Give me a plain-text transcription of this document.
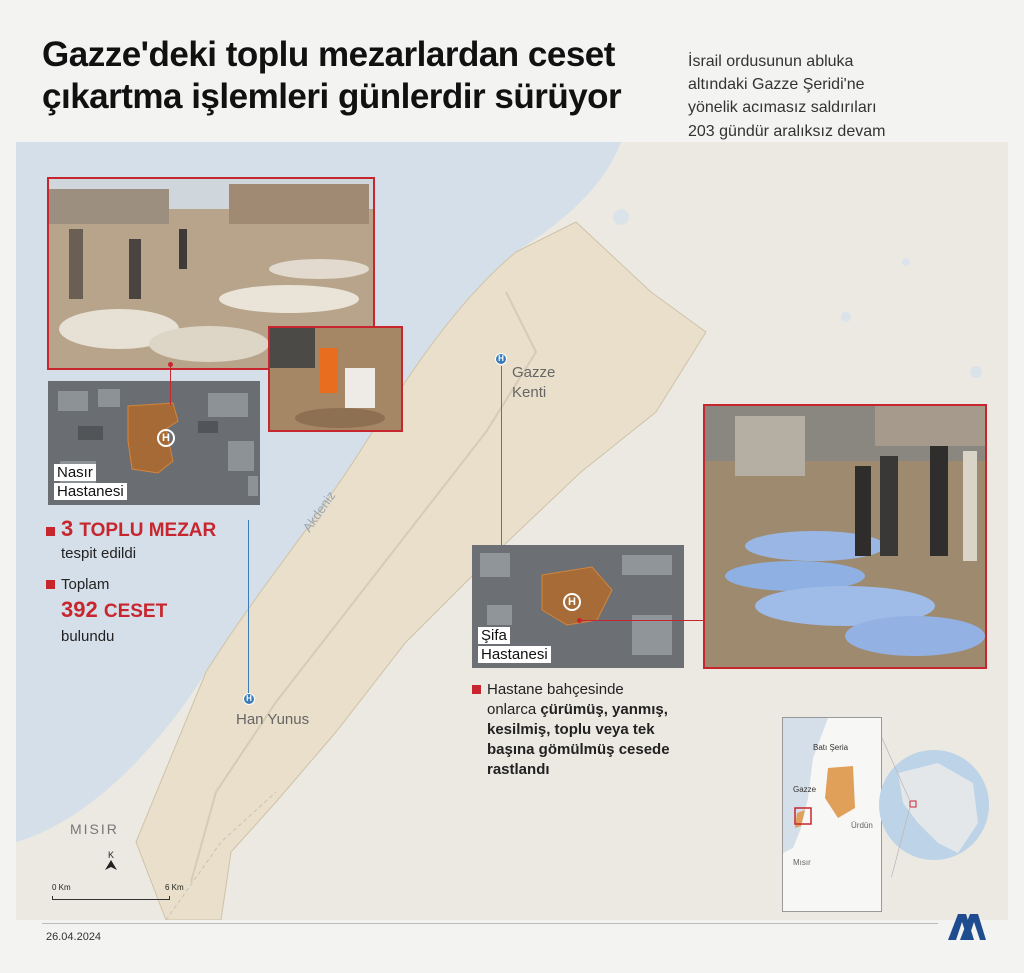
Gazze'deki toplu mezarlardan ceset
çıkartma işlemleri günlerdir sürüyor
İsrail ordusunun abluka
altındaki Gazze Şeridi'ne
yönelik acımasız saldırıları
203 gündür aralıksız devam
H
Nasır
Hastanesi
3 TOPLU MEZAR
tespit edildi
Toplam
392 CESET
bulundu
H
Gazze
Kenti
Akdeniz
H
Han Yunus
MISIR
H
Şifa
Hastanesi
Hastane bahçesinde
onlarca çürümüş, yanmış,
kesilmiş, toplu veya tek
başına gömülmüş cesede
rastlandı
Batı Şeria
Gazze
Ürdün
Mısır
K
0 Km	6 Km
26.04.2024
